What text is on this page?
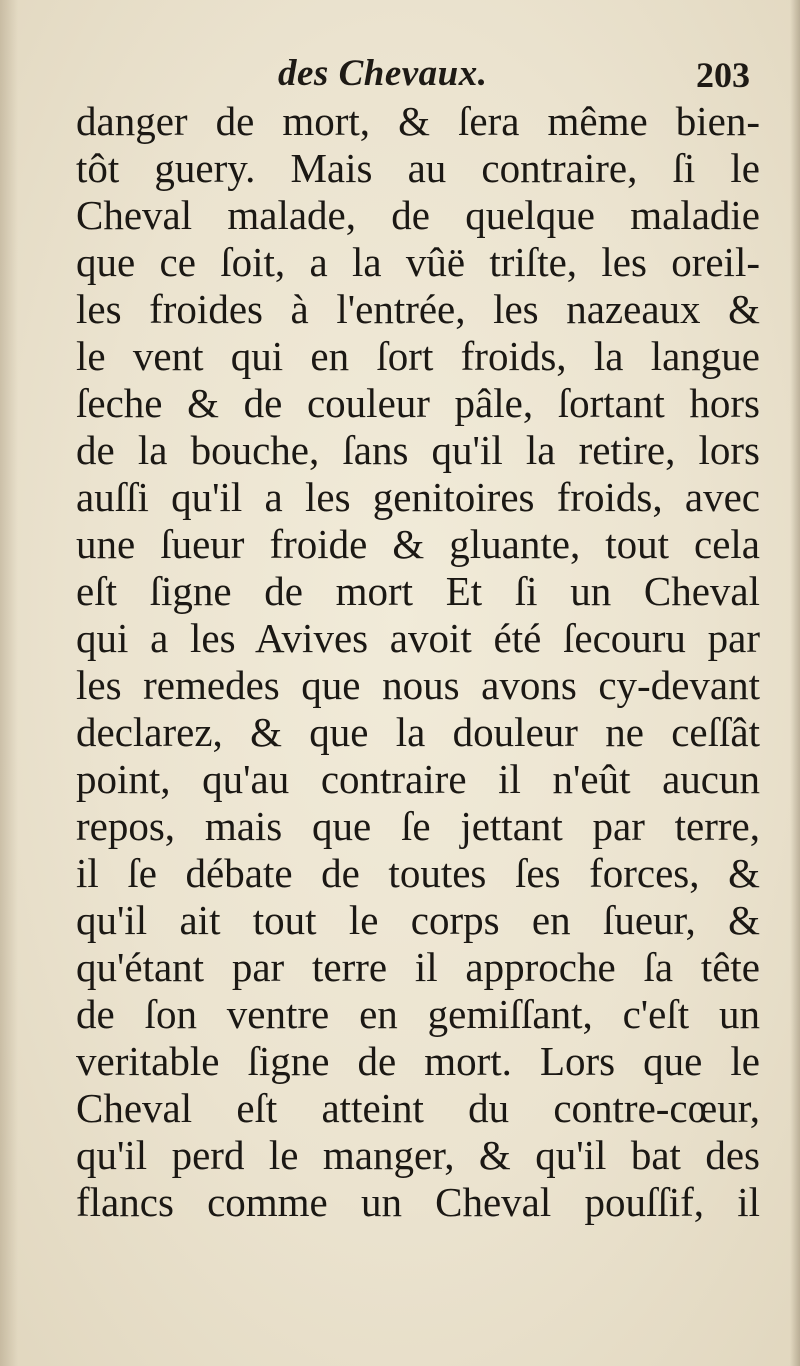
des Chevaux.	203
danger de mort, & ſera même bien-
tôt guery. Mais au contraire, ſi le
Cheval malade, de quelque maladie
que ce ſoit, a la vûë triſte, les oreil-
les froides à l'entrée, les nazeaux &
le vent qui en ſort froids, la langue
ſeche & de couleur pâle, ſortant hors
de la bouche, ſans qu'il la retire, lors
auſſi qu'il a les genitoires froids, avec
une ſueur froide & gluante, tout cela
eſt ſigne de mort Et ſi un Cheval
qui a les Avives avoit été ſecouru par
les remedes que nous avons cy-devant
declarez, & que la douleur ne ceſſât
point, qu'au contraire il n'eût aucun
repos, mais que ſe jettant par terre,
il ſe débate de toutes ſes forces, &
qu'il ait tout le corps en ſueur, &
qu'étant par terre il approche ſa tête
de ſon ventre en gemiſſant, c'eſt un
veritable ſigne de mort. Lors que le
Cheval eſt atteint du contre-cœur,
qu'il perd le manger, & qu'il bat des
flancs comme un Cheval pouſſif, il
